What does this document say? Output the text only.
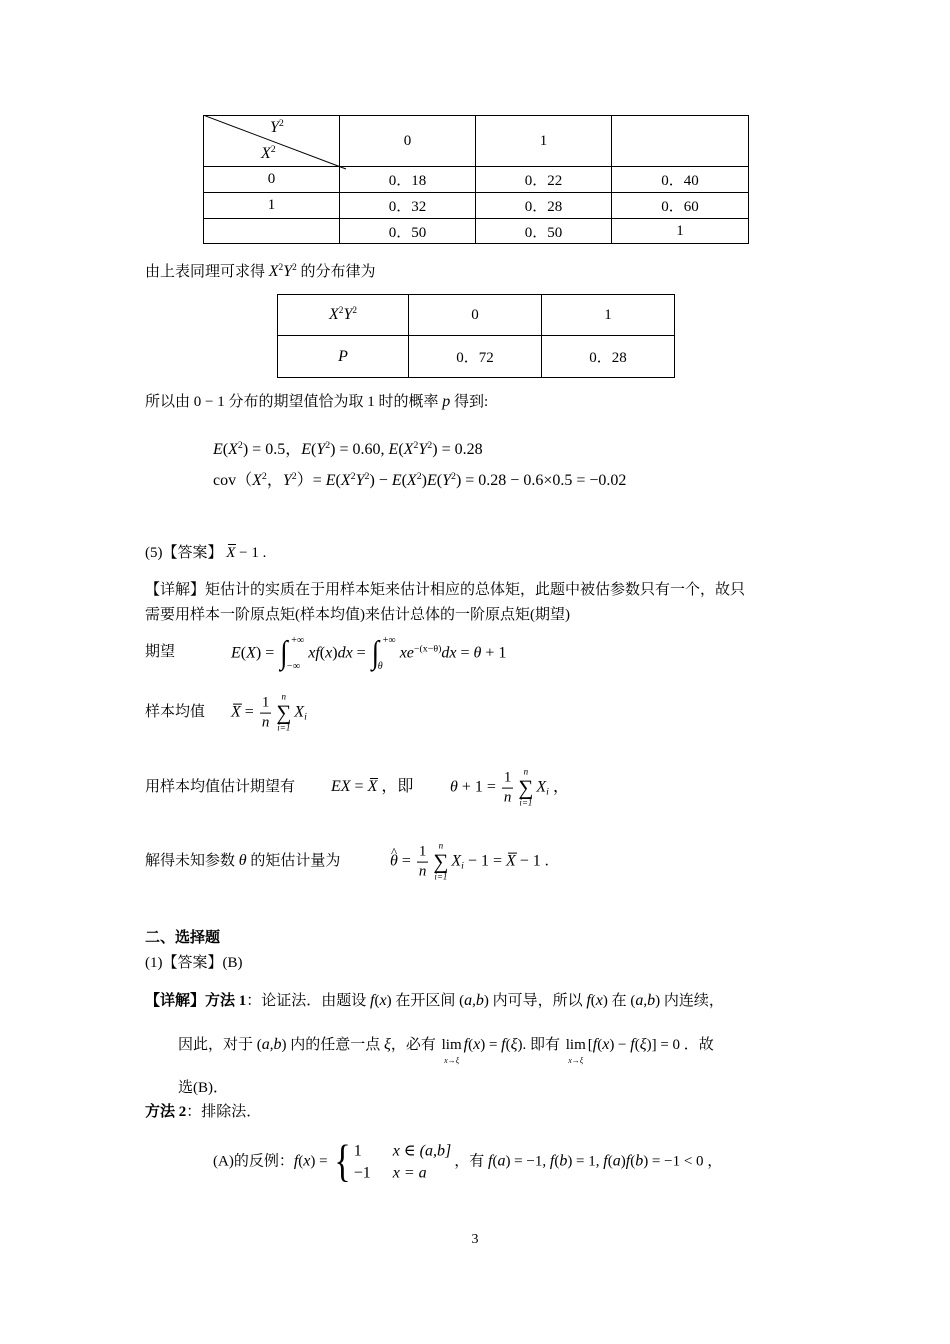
	0	1	
0	0．18	0．22	0．40
1	0．32	0．28	0．60
	0．50	0．50	1
$Y^2$
$X^2$
由上表同理可求得 $X^2Y^2$ 的分布律为
$X^2Y^2$	0	1
P	0．72	0．28
所以由 0 − 1 分布的期望值恰为取 1 时的概率 p 得到:
$E(X^2) = 0.5$，$E(Y^2) = 0.60$, $E(X^2Y^2) = 0.28$
$cov(X^2$，$Y^2)= E(X^2Y^2) - E(X^2)E(Y^2) = 0.28 - 0.6\times 0.5 = -0.02$
(5)【答案】 X − 1 .
【详解】矩估计的实质在于用样本矩来估计相应的总体矩，此题中被估参数只有一个，故只
需要用样本一阶原点矩(样本均值)来估计总体的一阶原点矩(期望)
期望	E(X) = ∫ +∞
−∞
xf(x)dx = ∫ +∞
θ
$xe^{-(x-\theta)}dx = \theta + 1$
样本均值 $X = \frac{1}{n}$ n
∑
i=1
$X_i$
用样本均值估计期望有 EX = X ，即 $\theta + 1 = \frac{1}{n}$ n
∑
i=1
$X_i$ ，
解得未知参数 θ 的矩估计量为	θ ^ = $\frac{1}{n}$ n
∑
i=1
$X_i - 1 = X - 1$ .
二、选择题
(1)【答案】(B)
【详解】方法 1：论证法．由题设 f(x) 在开区间 (a,b) 内可导，所以 f(x) 在 (a,b) 内连续，
因此，对于 (a,b) 内的任意一点 ξ，必有 lim
x→ξ
f(x) = f(ξ). 即有 lim
x→ξ
[f(x) − f(ξ)] = 0 ．故
选(B)．
方法 2：排除法．
(A)的反例：f(x) =
{
1	x ∈ (a,b]
−1 x = a
，有 f(a) = −1, f(b) = 1, f(a)f(b) = −1 < 0 ，
3
